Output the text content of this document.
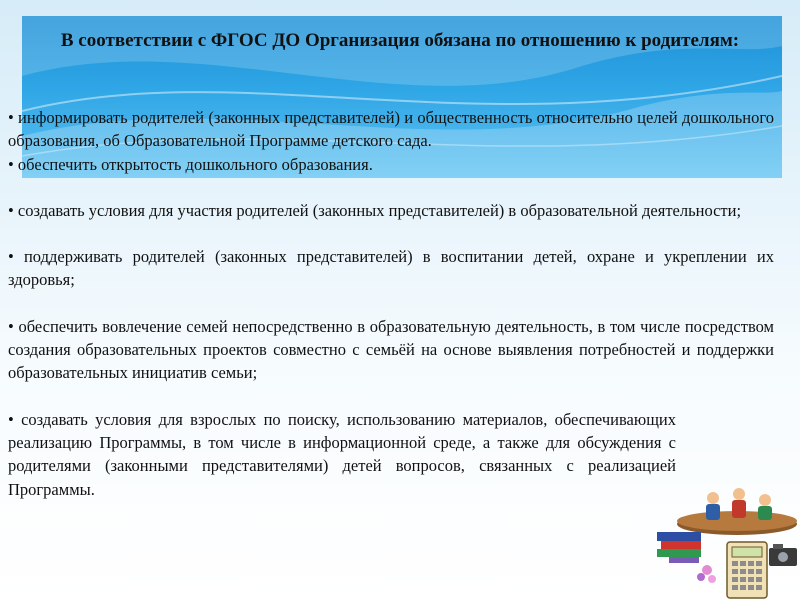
В соответствии с ФГОС ДО Организация обязана по отношению к родителям:

• информировать родителей (законных представителей) и общественность относительно целей дошкольного образования, об Образовательной Программе детского сада.

• обеспечить открытость дошкольного образования.

• создавать условия для участия родителей (законных представителей) в образовательной деятельности;

• поддерживать родителей (законных представителей) в воспитании детей, охране и укреплении их здоровья;

• обеспечить вовлечение семей непосредственно в образовательную деятельность, в том числе посредством создания образовательных проектов совместно с семьёй на основе выявления потребностей и поддержки образовательных инициатив семьи;

• создавать условия для взрослых по поиску, использованию материалов, обеспечивающих реализацию Программы, в том числе в информационной среде, а также для обсуждения с родителями (законными представителями) детей вопросов, связанных с реализацией Программы.
